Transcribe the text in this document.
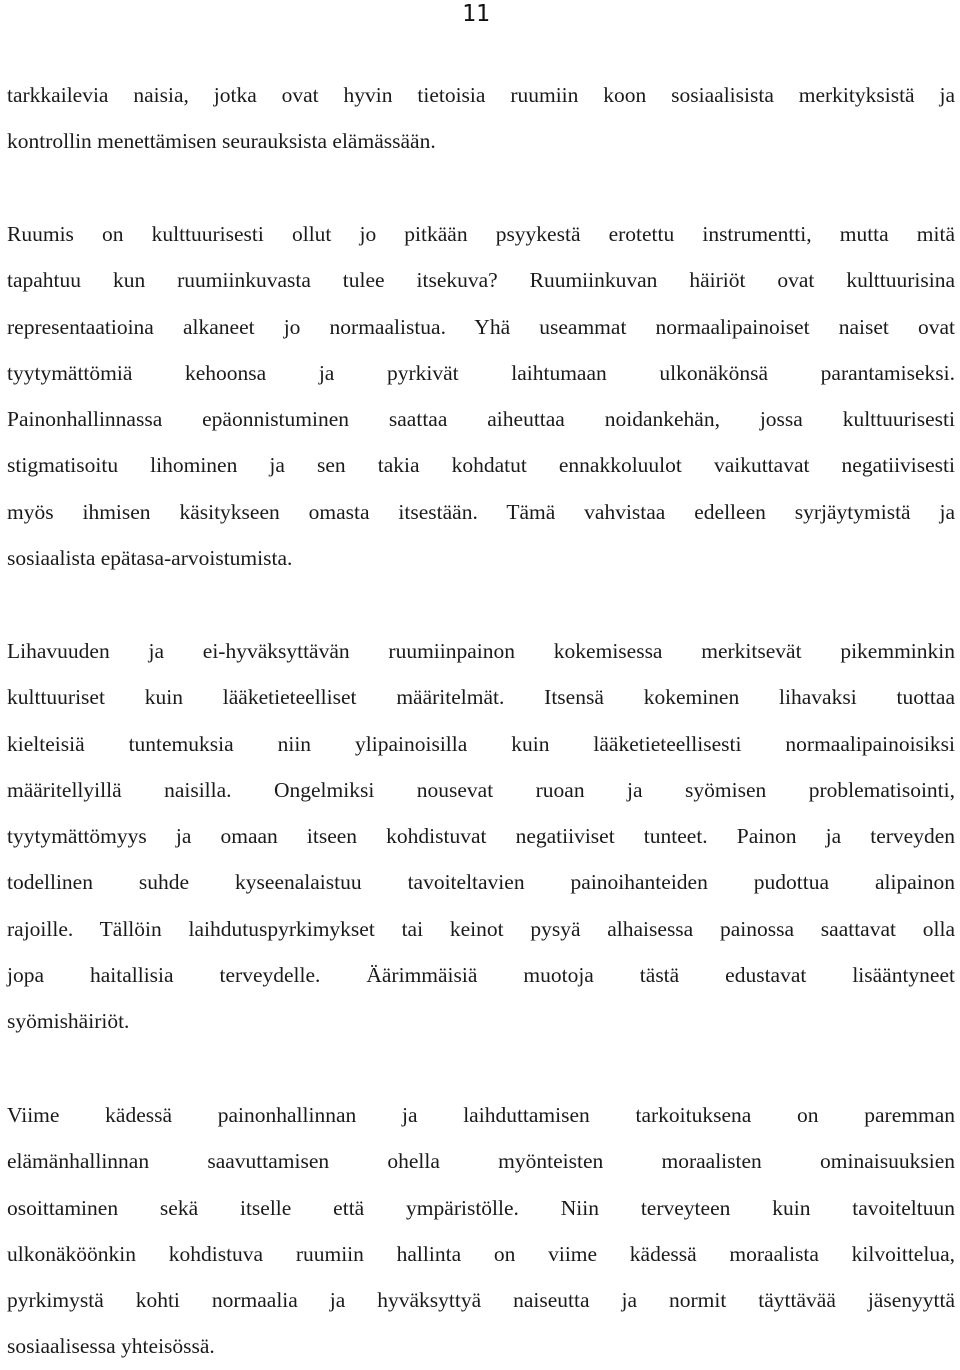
11
tarkkailevia naisia, jotka ovat hyvin tietoisia ruumiin koon sosiaalisista merkityksistä ja
kontrollin menettämisen seurauksista elämässään.
Ruumis on kulttuurisesti ollut jo pitkään psyykestä erotettu instrumentti, mutta mitä
tapahtuu kun ruumiinkuvasta tulee itsekuva? Ruumiinkuvan häiriöt ovat kulttuurisina
representaatioina alkaneet jo normaalistua. Yhä useammat normaalipainoiset naiset ovat
tyytymättömiä kehoonsa ja pyrkivät laihtumaan ulkonäkönsä parantamiseksi.
Painonhallinnassa epäonnistuminen saattaa aiheuttaa noidankehän, jossa kulttuurisesti
stigmatisoitu lihominen ja sen takia kohdatut ennakkoluulot vaikuttavat negatiivisesti
myös ihmisen käsitykseen omasta itsestään. Tämä vahvistaa edelleen syrjäytymistä ja
sosiaalista epätasa-arvoistumista.
Lihavuuden ja ei-hyväksyttävän ruumiinpainon kokemisessa merkitsevät pikemminkin
kulttuuriset kuin lääketieteelliset määritelmät. Itsensä kokeminen lihavaksi tuottaa
kielteisiä tuntemuksia niin ylipainoisilla kuin lääketieteellisesti normaalipainoisiksi
määritellyillä naisilla. Ongelmiksi nousevat ruoan ja syömisen problematisointi,
tyytymättömyys ja omaan itseen kohdistuvat negatiiviset tunteet. Painon ja terveyden
todellinen suhde kyseenalaistuu tavoiteltavien painoihanteiden pudottua alipainon
rajoille. Tällöin laihdutuspyrkimykset tai keinot pysyä alhaisessa painossa saattavat olla
jopa haitallisia terveydelle. Äärimmäisiä muotoja tästä edustavat lisääntyneet
syömishäiriöt.
Viime kädessä painonhallinnan ja laihduttamisen tarkoituksena on paremman
elämänhallinnan saavuttamisen ohella myönteisten moraalisten ominaisuuksien
osoittaminen sekä itselle että ympäristölle. Niin terveyteen kuin tavoiteltuun
ulkonäköönkin kohdistuva ruumiin hallinta on viime kädessä moraalista kilvoittelua,
pyrkimystä kohti normaalia ja hyväksyttyä naiseutta ja normit täyttävää jäsenyyttä
sosiaalisessa yhteisössä.
